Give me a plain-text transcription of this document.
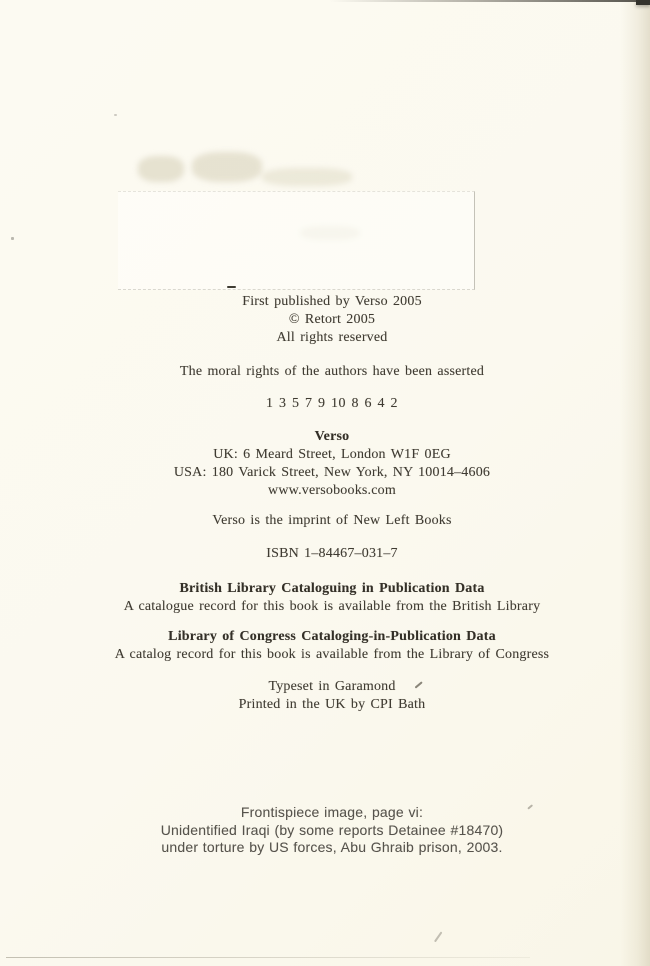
First published by Verso 2005
© Retort 2005
All rights reserved
The moral rights of the authors have been asserted
1 3 5 7 9 10 8 6 4 2
Verso
UK: 6 Meard Street, London W1F 0EG
USA: 180 Varick Street, New York, NY 10014–4606
www.versobooks.com
Verso is the imprint of New Left Books
ISBN 1–84467–031–7
British Library Cataloguing in Publication Data
A catalogue record for this book is available from the British Library
Library of Congress Cataloging-in-Publication Data
A catalog record for this book is available from the Library of Congress
Typeset in Garamond
Printed in the UK by CPI Bath
Frontispiece image, page vi:
Unidentified Iraqi (by some reports Detainee #18470)
under torture by US forces, Abu Ghraib prison, 2003.
